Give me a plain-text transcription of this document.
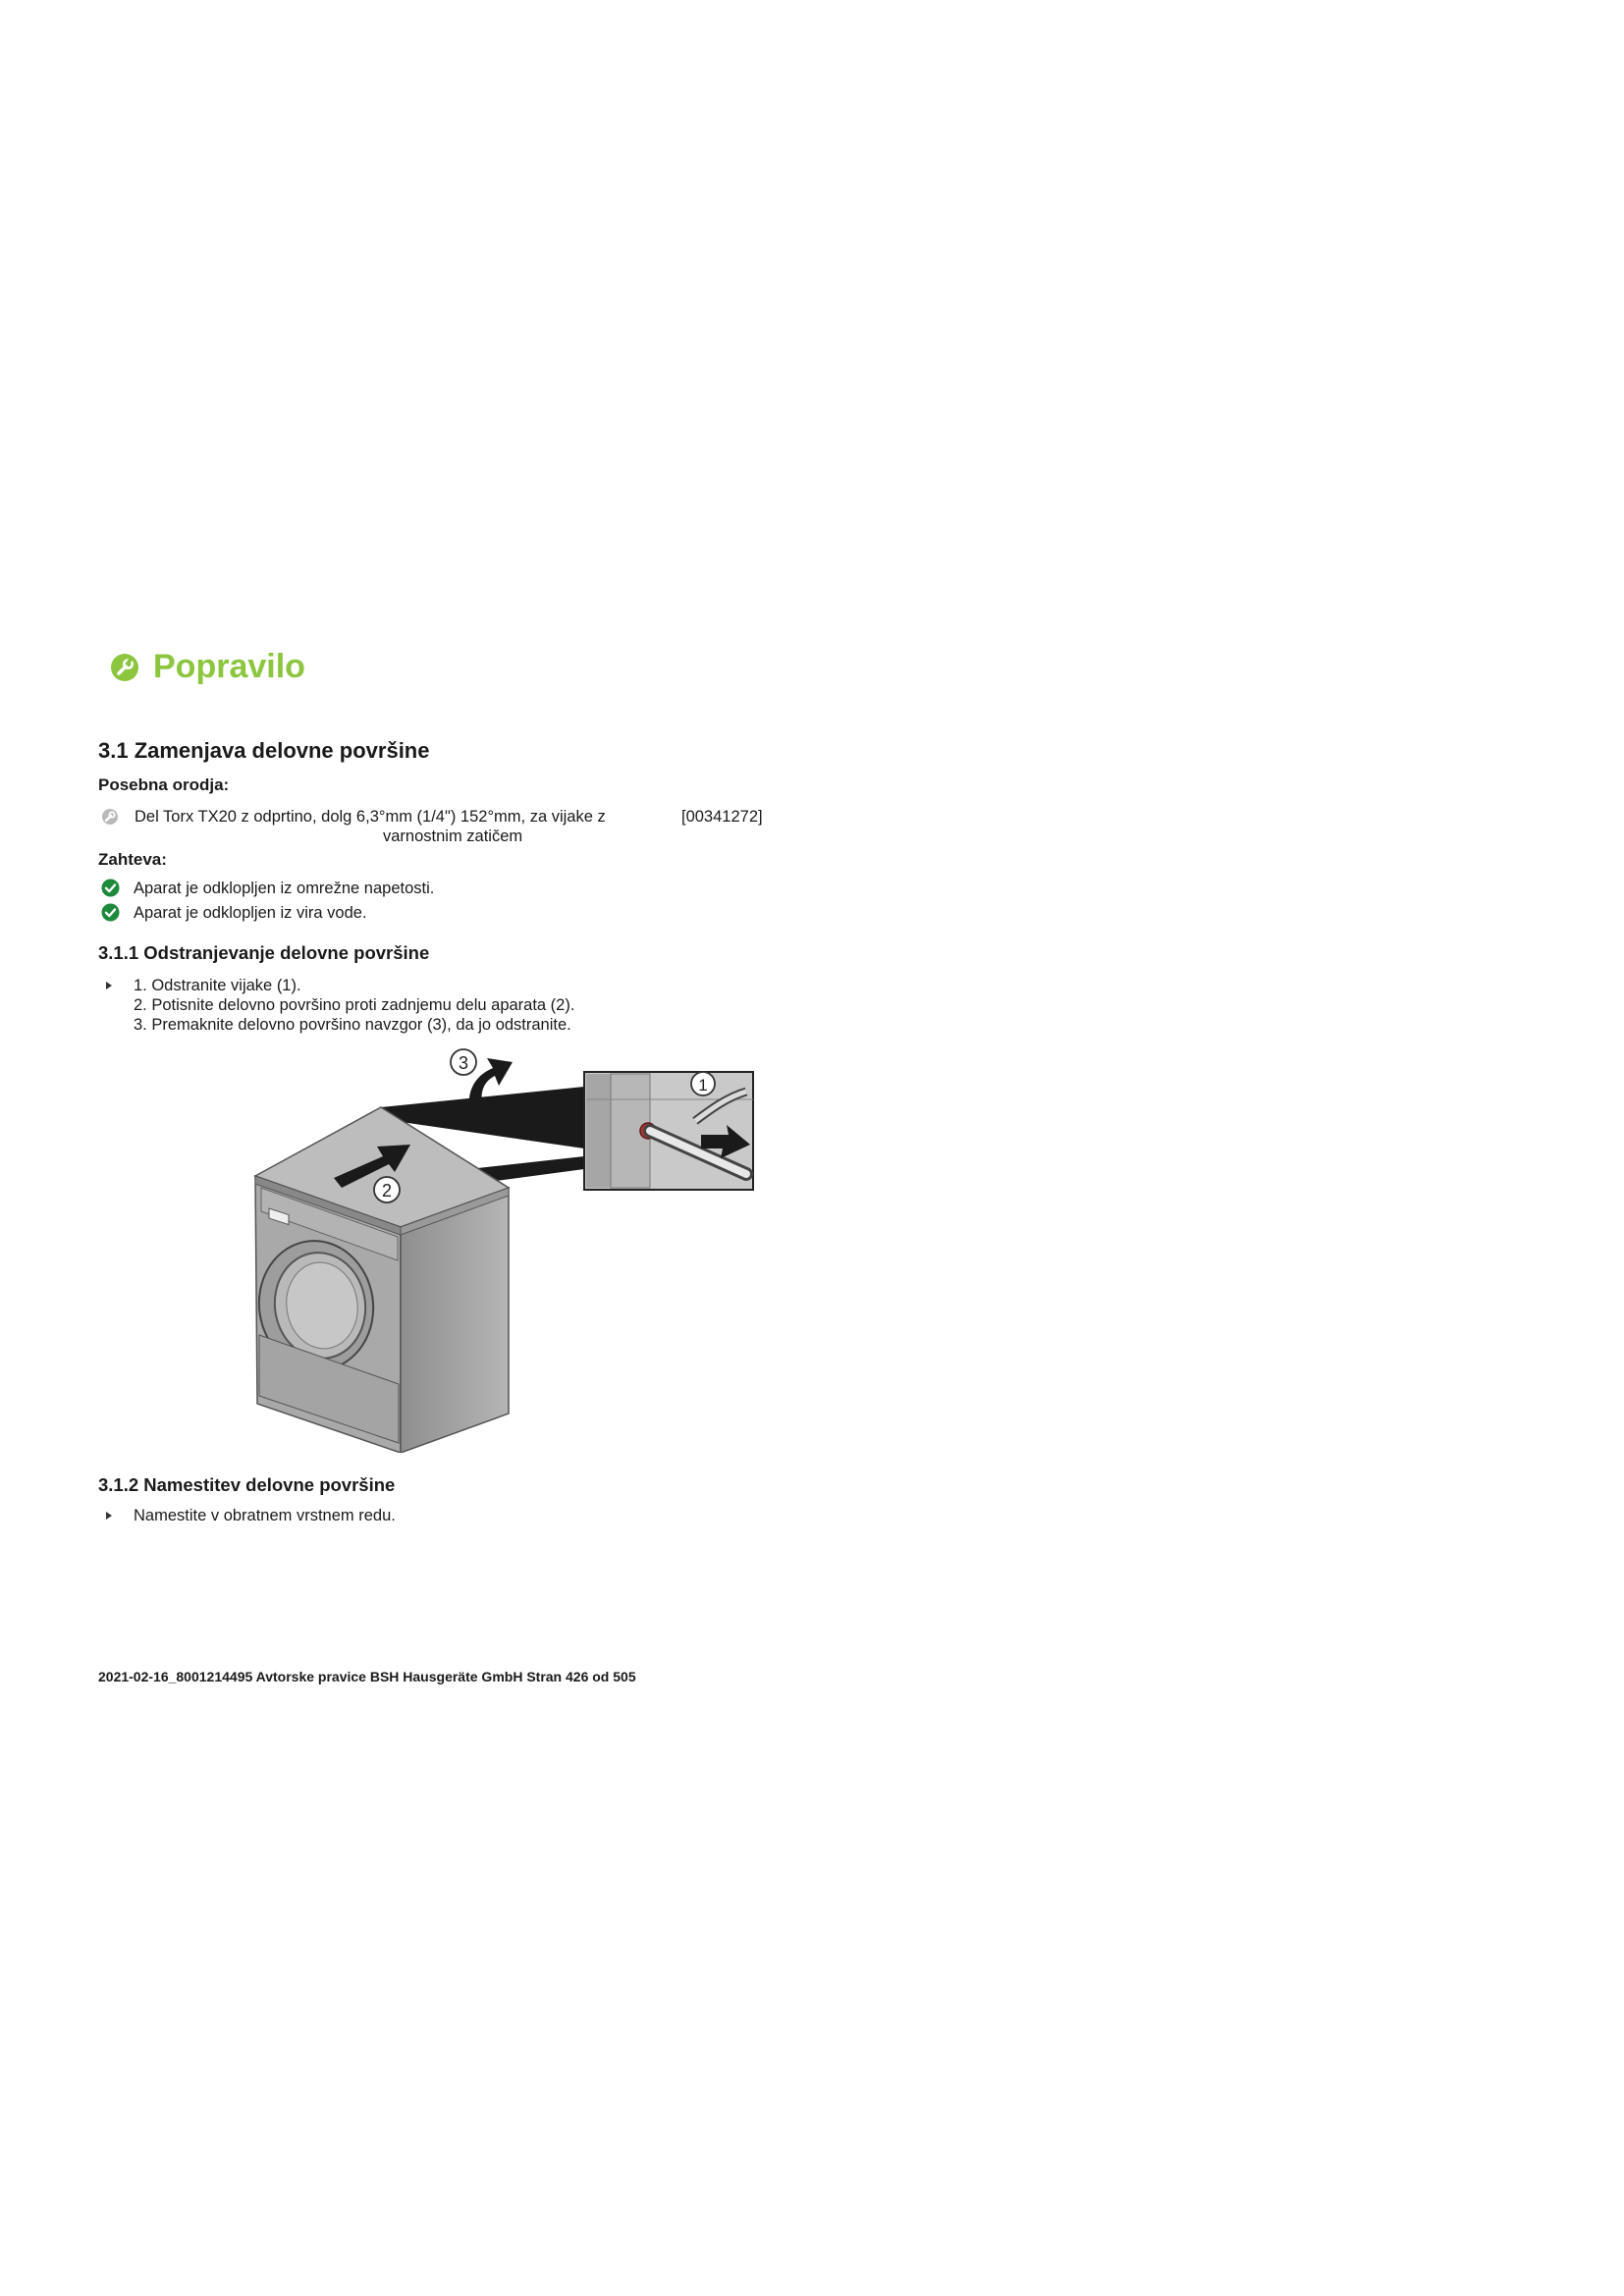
Popravilo
3.1 Zamenjava delovne površine
Posebna orodja:
Del Torx TX20 z odprtino, dolg 6,3°mm (1/4") 152°mm, za vijake z
varnostnim zatičem
[00341272]
Zahteva:
Aparat je odklopljen iz omrežne napetosti.
Aparat je odklopljen iz vira vode.
3.1.1 Odstranjevanje delovne površine
1. Odstranite vijake (1).
2. Potisnite delovno površino proti zadnjemu delu aparata (2).
3. Premaknite delovno površino navzgor (3), da jo odstranite.
2
3
1
3.1.2 Namestitev delovne površine
Namestite v obratnem vrstnem redu.
2021-02-16_8001214495 Avtorske pravice BSH Hausgeräte GmbH Stran 426 od 505
